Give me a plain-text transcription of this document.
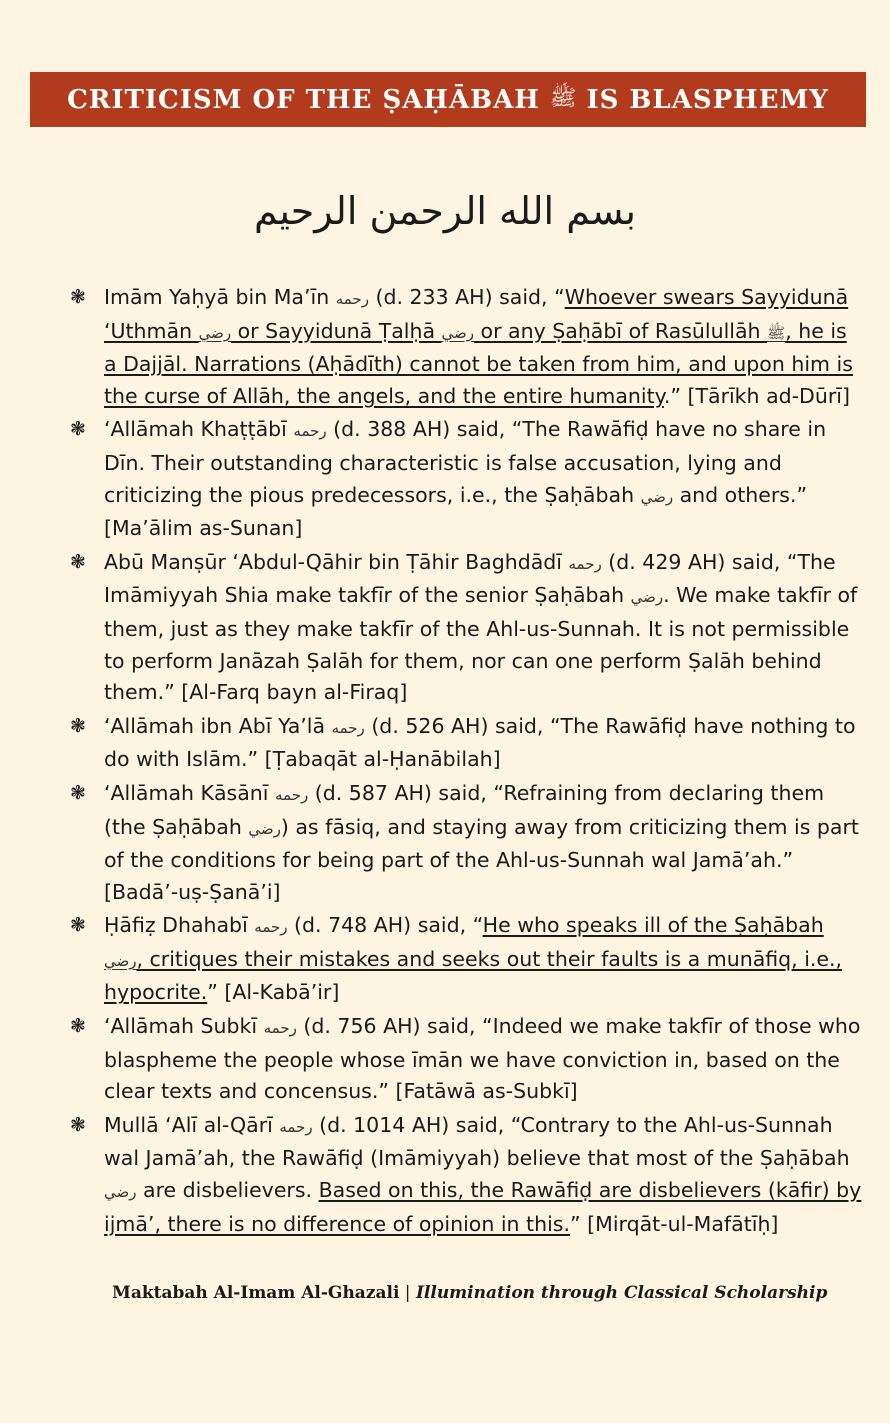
CRITICISM OF THE ṢAḤĀBAH ﷺ IS BLASPHEMY
بسم الله الرحمن الرحيم
❃ Imām Yaḥyā bin Ma’īn رحمه (d. 233 AH) said, “Whoever swears Sayyidunā ‘Uthmān رضي or Sayyidunā Ṭalḥā رضي or any Ṣaḥābī of Rasūlullāh ﷺ, he is a Dajjāl. Narrations (Aḥādīth) cannot be taken from him, and upon him is the curse of Allāh, the angels, and the entire humanity.” [Tārīkh ad-Dūrī]
❃ ‘Allāmah Khaṭṭābī رحمه (d. 388 AH) said, “The Rawāfiḍ have no share in Dīn. Their outstanding characteristic is false accusation, lying and criticizing the pious predecessors, i.e., the Ṣaḥābah رضي and others.” [Ma’ālim as-Sunan]
❃ Abū Manṣūr ‘Abdul-Qāhir bin Ṭāhir Baghdādī رحمه (d. 429 AH) said, “The Imāmiyyah Shia make takfīr of the senior Ṣaḥābah رضي. We make takfīr of them, just as they make takfīr of the Ahl-us-Sunnah. It is not permissible to perform Janāzah Ṣalāh for them, nor can one perform Ṣalāh behind them.” [Al-Farq bayn al-Firaq]
❃ ‘Allāmah ibn Abī Ya’lā رحمه (d. 526 AH) said, “The Rawāfiḍ have nothing to do with Islām.” [Ṭabaqāt al-Ḥanābilah]
❃ ‘Allāmah Kāsānī رحمه (d. 587 AH) said, “Refraining from declaring them (the Ṣaḥābah رضي) as fāsiq, and staying away from criticizing them is part of the conditions for being part of the Ahl-us-Sunnah wal Jamā’ah.” [Badā’-uṣ-Ṣanā’i]
❃ Ḥāfiẓ Dhahabī رحمه (d. 748 AH) said, “He who speaks ill of the Ṣaḥābah رضي, critiques their mistakes and seeks out their faults is a munāfiq, i.e., hypocrite.” [Al-Kabā’ir]
❃ ‘Allāmah Subkī رحمه (d. 756 AH) said, “Indeed we make takfīr of those who blaspheme the people whose īmān we have conviction in, based on the clear texts and concensus.” [Fatāwā as-Subkī]
❃ Mullā ‘Alī al-Qārī رحمه (d. 1014 AH) said, “Contrary to the Ahl-us-Sunnah wal Jamā’ah, the Rawāfiḍ (Imāmiyyah) believe that most of the Ṣaḥābah رضي are disbelievers. Based on this, the Rawāfiḍ are disbelievers (kāfir) by ijmā’, there is no difference of opinion in this.” [Mirqāt-ul-Mafātīḥ]
Maktabah Al-Imam Al-Ghazali | Illumination through Classical Scholarship
